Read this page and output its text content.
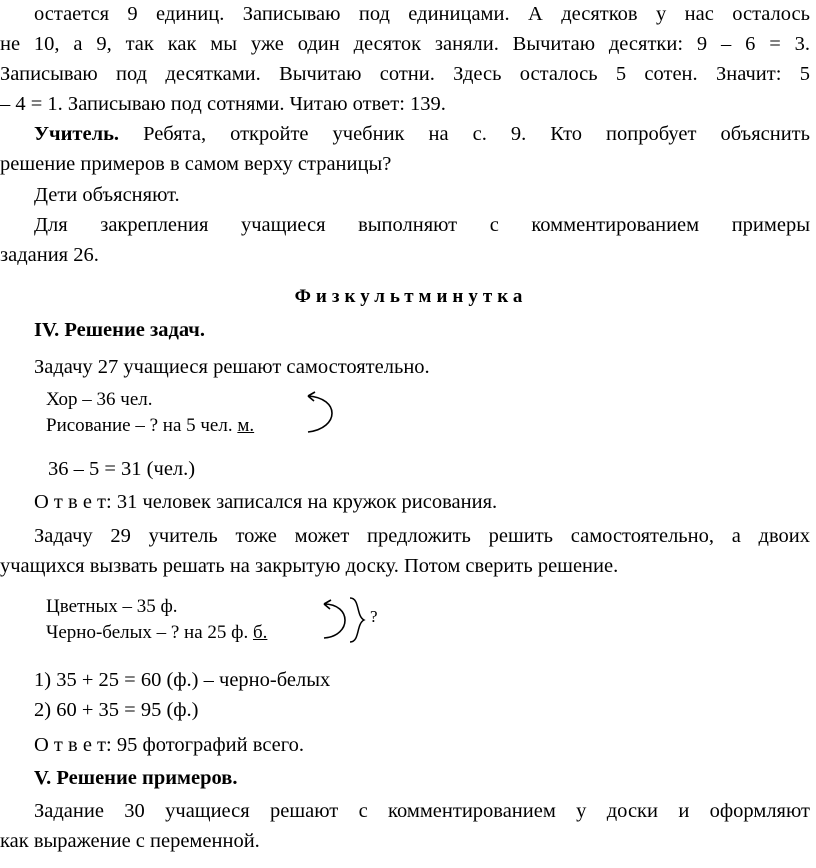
остается 9 единиц. Записываю под единицами. А десятков у нас осталось
не 10, а 9, так как мы уже один десяток заняли. Вычитаю десятки: 9 – 6 = 3.
Записываю под десятками. Вычитаю сотни. Здесь осталось 5 сотен. Значит: 5
– 4 = 1. Записываю под сотнями. Читаю ответ: 139.
Учитель. Ребята, откройте учебник на с. 9. Кто попробует объяснить
решение примеров в самом верху страницы?
Дети объясняют.
Для закрепления учащиеся выполняют с комментированием примеры
задания 26.
Физкультминутка
IV. Решение задач.
Задачу 27 учащиеся решают самостоятельно.
Хор – 36 чел.
Рисование – ? на 5 чел. м.
36 – 5 = 31 (чел.)
О т в е т: 31 человек записался на кружок рисования.
Задачу 29 учитель тоже может предложить решить самостоятельно, а двоих
учащихся вызвать решать на закрытую доску. Потом сверить решение.
Цветных – 35 ф.
Черно-белых – ? на 25 ф. б.
?
1) 35 + 25 = 60 (ф.) – черно-белых
2) 60 + 35 = 95 (ф.)
О т в е т: 95 фотографий всего.
V. Решение примеров.
Задание 30 учащиеся решают с комментированием у доски и оформляют
как выражение с переменной.
